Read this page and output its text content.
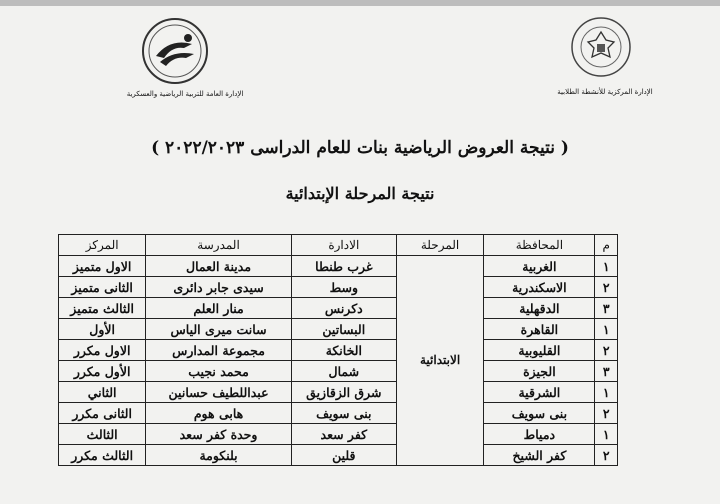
الإدارة العامة للتربية الرياضية والعسكرية	الإدارة المركزية للأنشطة الطلابية
( نتيجة العروض الرياضية بنات للعام الدراسى ٢٠٢٢/٢٠٢٣ )
نتيجة المرحلة الإبتدائية
م	المحافظة	المرحلة	الادارة	المدرسة	المركز
١	الغربية	الابتدائية	غرب طنطا	مدينة العمال	الاول متميز
٢	الاسكندرية		وسط	سيدى جابر دائرى	الثانى متميز
٣	الدقهلية		دكرنس	منار العلم	الثالث متميز
١	القاهرة		البساتين	سانت ميرى الياس	الأول
٢	القليوبية		الخانكة	مجموعة المدارس	الاول مكرر
٣	الجيزة		شمال	محمد نجيب	الأول مكرر
١	الشرقية		شرق الزقازيق	عبداللطيف حسانين	الثاني
٢	بنى سويف		بنى سويف	هابى هوم	الثانى مكرر
١	دمياط		كفر سعد	وحدة كفر سعد	الثالث
٢	كفر الشيخ		قلين	بلنكومة	الثالث مكرر
